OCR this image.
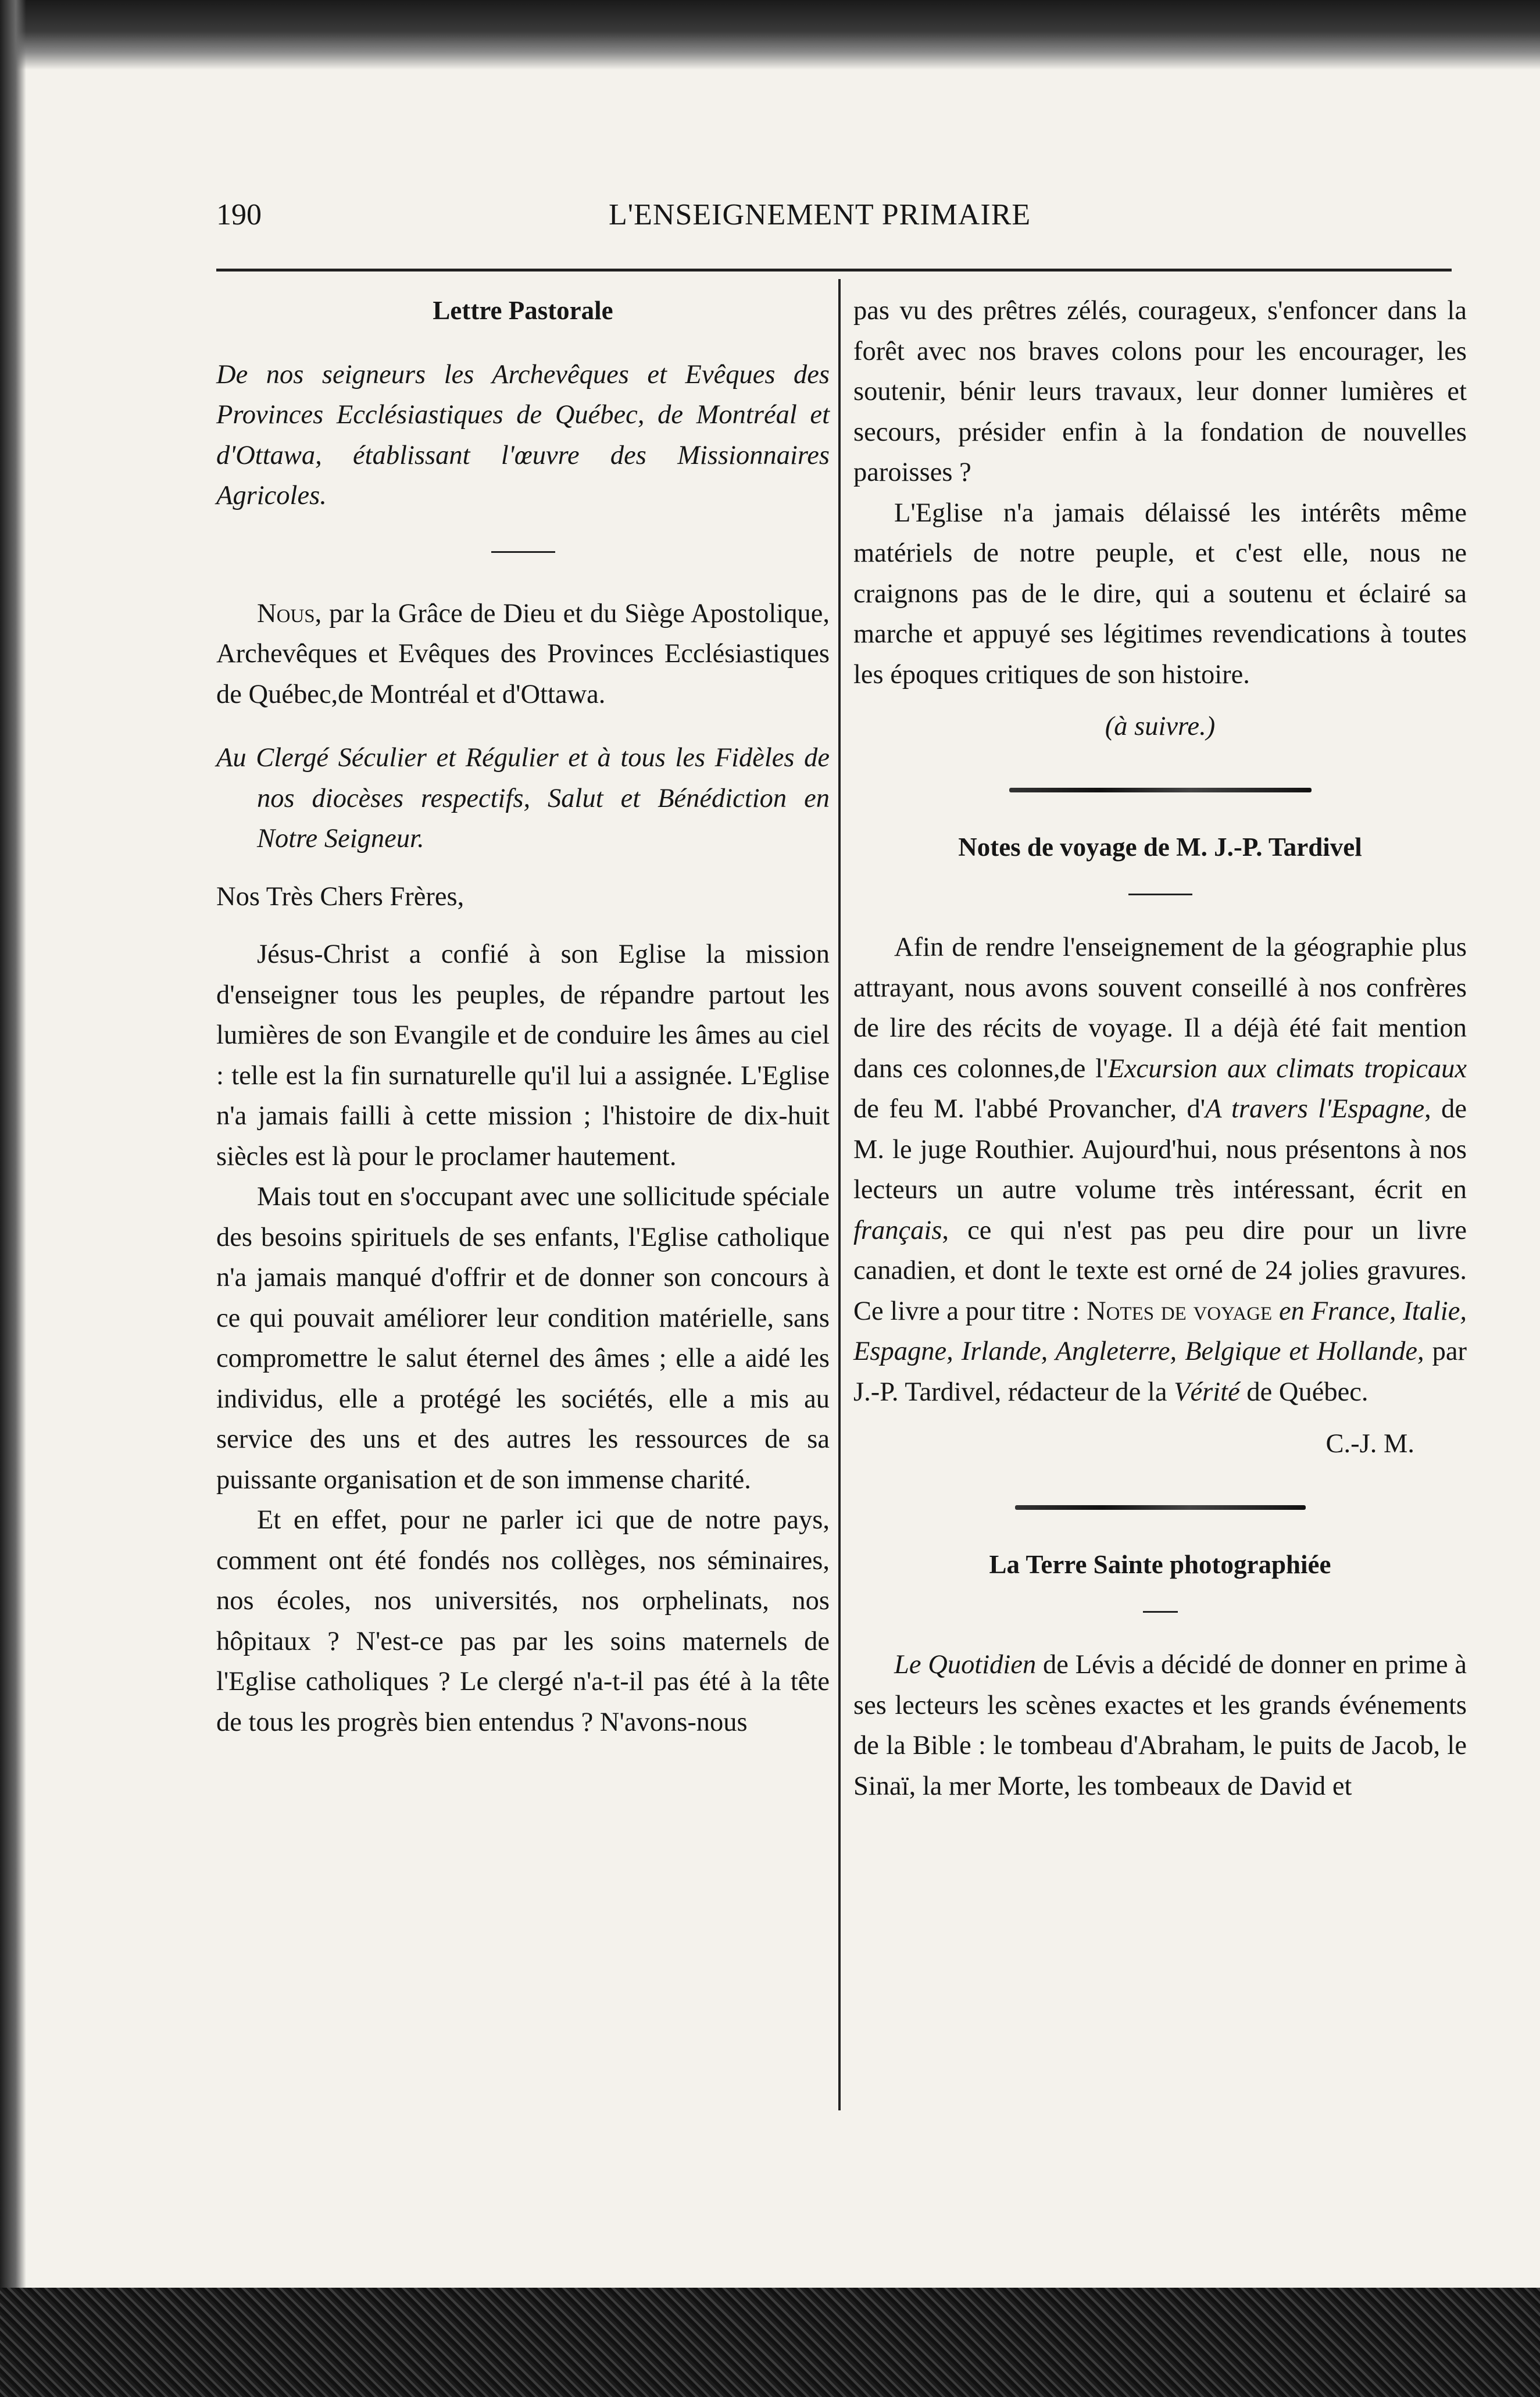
190	L'ENSEIGNEMENT PRIMAIRE

Lettre Pastorale

De nos seigneurs les Archevêques et Evêques des Provinces Ecclésiastiques de Québec, de Montréal et d'Ottawa, établissant l'œuvre des Missionnaires Agricoles.

Nous, par la Grâce de Dieu et du Siège Apostolique, Archevêques et Evêques des Provinces Ecclésiastiques de Québec,de Montréal et d'Ottawa.

Au Clergé Séculier et Régulier et à tous les Fidèles de nos diocèses respectifs, Salut et Bénédiction en Notre Seigneur.

Nos Très Chers Frères,

Jésus-Christ a confié à son Eglise la mission d'enseigner tous les peuples, de répandre partout les lumières de son Evangile et de conduire les âmes au ciel : telle est la fin surnaturelle qu'il lui a assignée. L'Eglise n'a jamais failli à cette mission ; l'histoire de dix-huit siècles est là pour le proclamer hautement.

Mais tout en s'occupant avec une sollicitude spéciale des besoins spirituels de ses enfants, l'Eglise catholique n'a jamais manqué d'offrir et de donner son concours à ce qui pouvait améliorer leur condition matérielle, sans compromettre le salut éternel des âmes ; elle a aidé les individus, elle a protégé les sociétés, elle a mis au service des uns et des autres les ressources de sa puissante organisation et de son immense charité.

Et en effet, pour ne parler ici que de notre pays, comment ont été fondés nos collèges, nos séminaires, nos écoles, nos universités, nos orphelinats, nos hôpitaux ? N'est-ce pas par les soins maternels de l'Eglise catholiques ? Le clergé n'a-t-il pas été à la tête de tous les progrès bien entendus ? N'avons-nous

pas vu des prêtres zélés, courageux, s'enfoncer dans la forêt avec nos braves colons pour les encourager, les soutenir, bénir leurs travaux, leur donner lumières et secours, présider enfin à la fondation de nouvelles paroisses ?

L'Eglise n'a jamais délaissé les intérêts même matériels de notre peuple, et c'est elle, nous ne craignons pas de le dire, qui a soutenu et éclairé sa marche et appuyé ses légitimes revendications à toutes les époques critiques de son histoire.

(à suivre.)

Notes de voyage de M. J.-P. Tardivel

Afin de rendre l'enseignement de la géographie plus attrayant, nous avons souvent conseillé à nos confrères de lire des récits de voyage. Il a déjà été fait mention dans ces colonnes,de l'Excursion aux climats tropicaux de feu M. l'abbé Provancher, d'A travers l'Espagne, de M. le juge Routhier. Aujourd'hui, nous présentons à nos lecteurs un autre volume très intéressant, écrit en français, ce qui n'est pas peu dire pour un livre canadien, et dont le texte est orné de 24 jolies gravures. Ce livre a pour titre : Notes de voyage en France, Italie, Espagne, Irlande, Angleterre, Belgique et Hollande, par J.-P. Tardivel, rédacteur de la Vérité de Québec.

C.-J. M.

La Terre Sainte photographiée

Le Quotidien de Lévis a décidé de donner en prime à ses lecteurs les scènes exactes et les grands événements de la Bible : le tombeau d'Abraham, le puits de Jacob, le Sinaï, la mer Morte, les tombeaux de David et
